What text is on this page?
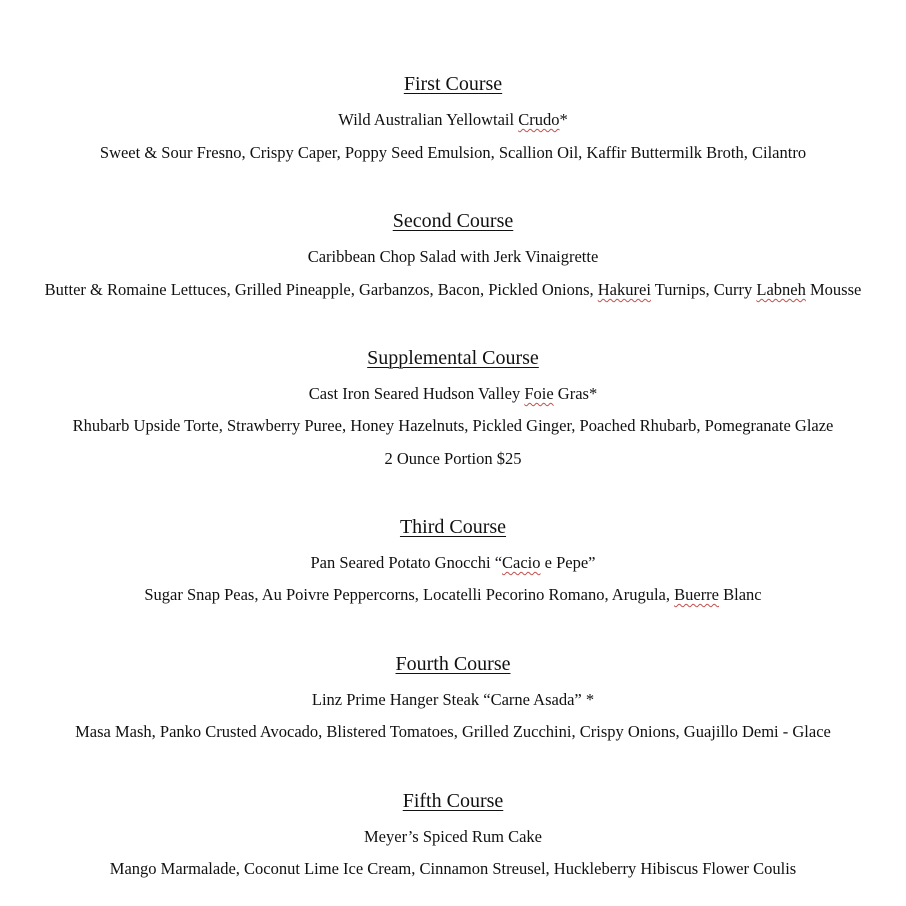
First Course
Wild Australian Yellowtail Crudo*
Sweet & Sour Fresno, Crispy Caper, Poppy Seed Emulsion, Scallion Oil, Kaffir Buttermilk Broth, Cilantro
Second Course
Caribbean Chop Salad with Jerk Vinaigrette
Butter & Romaine Lettuces, Grilled Pineapple, Garbanzos, Bacon, Pickled Onions, Hakurei Turnips, Curry Labneh Mousse
Supplemental Course
Cast Iron Seared Hudson Valley Foie Gras*
Rhubarb Upside Torte, Strawberry Puree, Honey Hazelnuts, Pickled Ginger, Poached Rhubarb, Pomegranate Glaze
2 Ounce Portion $25
Third Course
Pan Seared Potato Gnocchi “Cacio e Pepe”
Sugar Snap Peas, Au Poivre Peppercorns, Locatelli Pecorino Romano, Arugula, Buerre Blanc
Fourth Course
Linz Prime Hanger Steak “Carne Asada” *
Masa Mash, Panko Crusted Avocado, Blistered Tomatoes, Grilled Zucchini, Crispy Onions, Guajillo Demi - Glace
Fifth Course
Meyer’s Spiced Rum Cake
Mango Marmalade, Coconut Lime Ice Cream, Cinnamon Streusel, Huckleberry Hibiscus Flower Coulis
